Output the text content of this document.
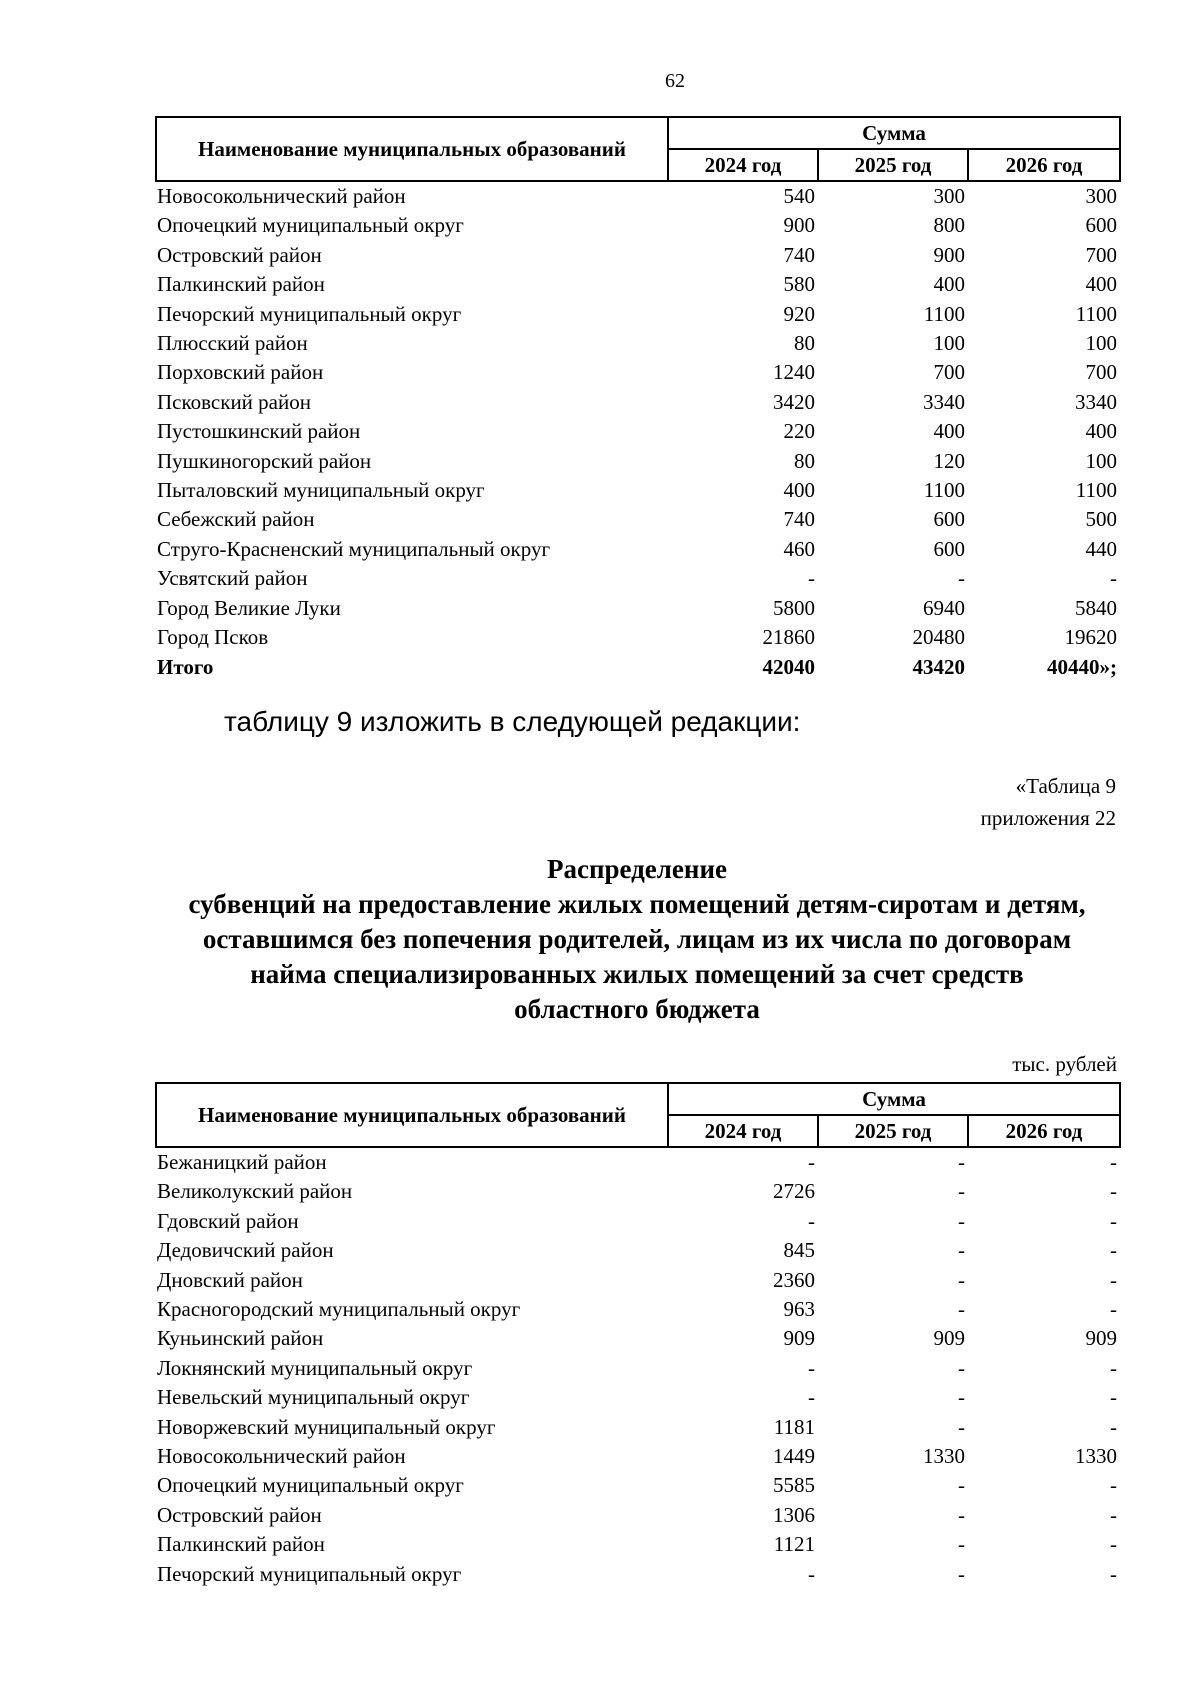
62
Наименование муниципальных образований	Сумма		
	2024 год	2025 год	2026 год
Новосокольнический район	540	300	300
Опочецкий муниципальный округ	900	800	600
Островский район	740	900	700
Палкинский район	580	400	400
Печорский муниципальный округ	920	1100	1100
Плюсский район	80	100	100
Порховский район	1240	700	700
Псковский район	3420	3340	3340
Пустошкинский район	220	400	400
Пушкиногорский район	80	120	100
Пыталовский муниципальный округ	400	1100	1100
Себежский район	740	600	500
Струго-Красненский муниципальный округ	460	600	440
Усвятский район	-	-	-
Город Великие Луки	5800	6940	5840
Город Псков	21860	20480	19620
Итого	42040	43420	40440»;
таблицу 9 изложить в следующей редакции:
«Таблица 9
приложения 22
Распределение
субвенций на предоставление жилых помещений детям-сиротам и детям,
оставшимся без попечения родителей, лицам из их числа по договорам
найма специализированных жилых помещений за счет средств
областного бюджета
тыс. рублей
Наименование муниципальных образований	Сумма		
	2024 год	2025 год	2026 год
Бежаницкий район	-	-	-
Великолукский район	2726	-	-
Гдовский район	-	-	-
Дедовичский район	845	-	-
Дновский район	2360	-	-
Красногородский муниципальный округ	963	-	-
Куньинский район	909	909	909
Локнянский муниципальный округ	-	-	-
Невельский муниципальный округ	-	-	-
Новоржевский муниципальный округ	1181	-	-
Новосокольнический район	1449	1330	1330
Опочецкий муниципальный округ	5585	-	-
Островский район	1306	-	-
Палкинский район	1121	-	-
Печорский муниципальный округ	-	-	-
